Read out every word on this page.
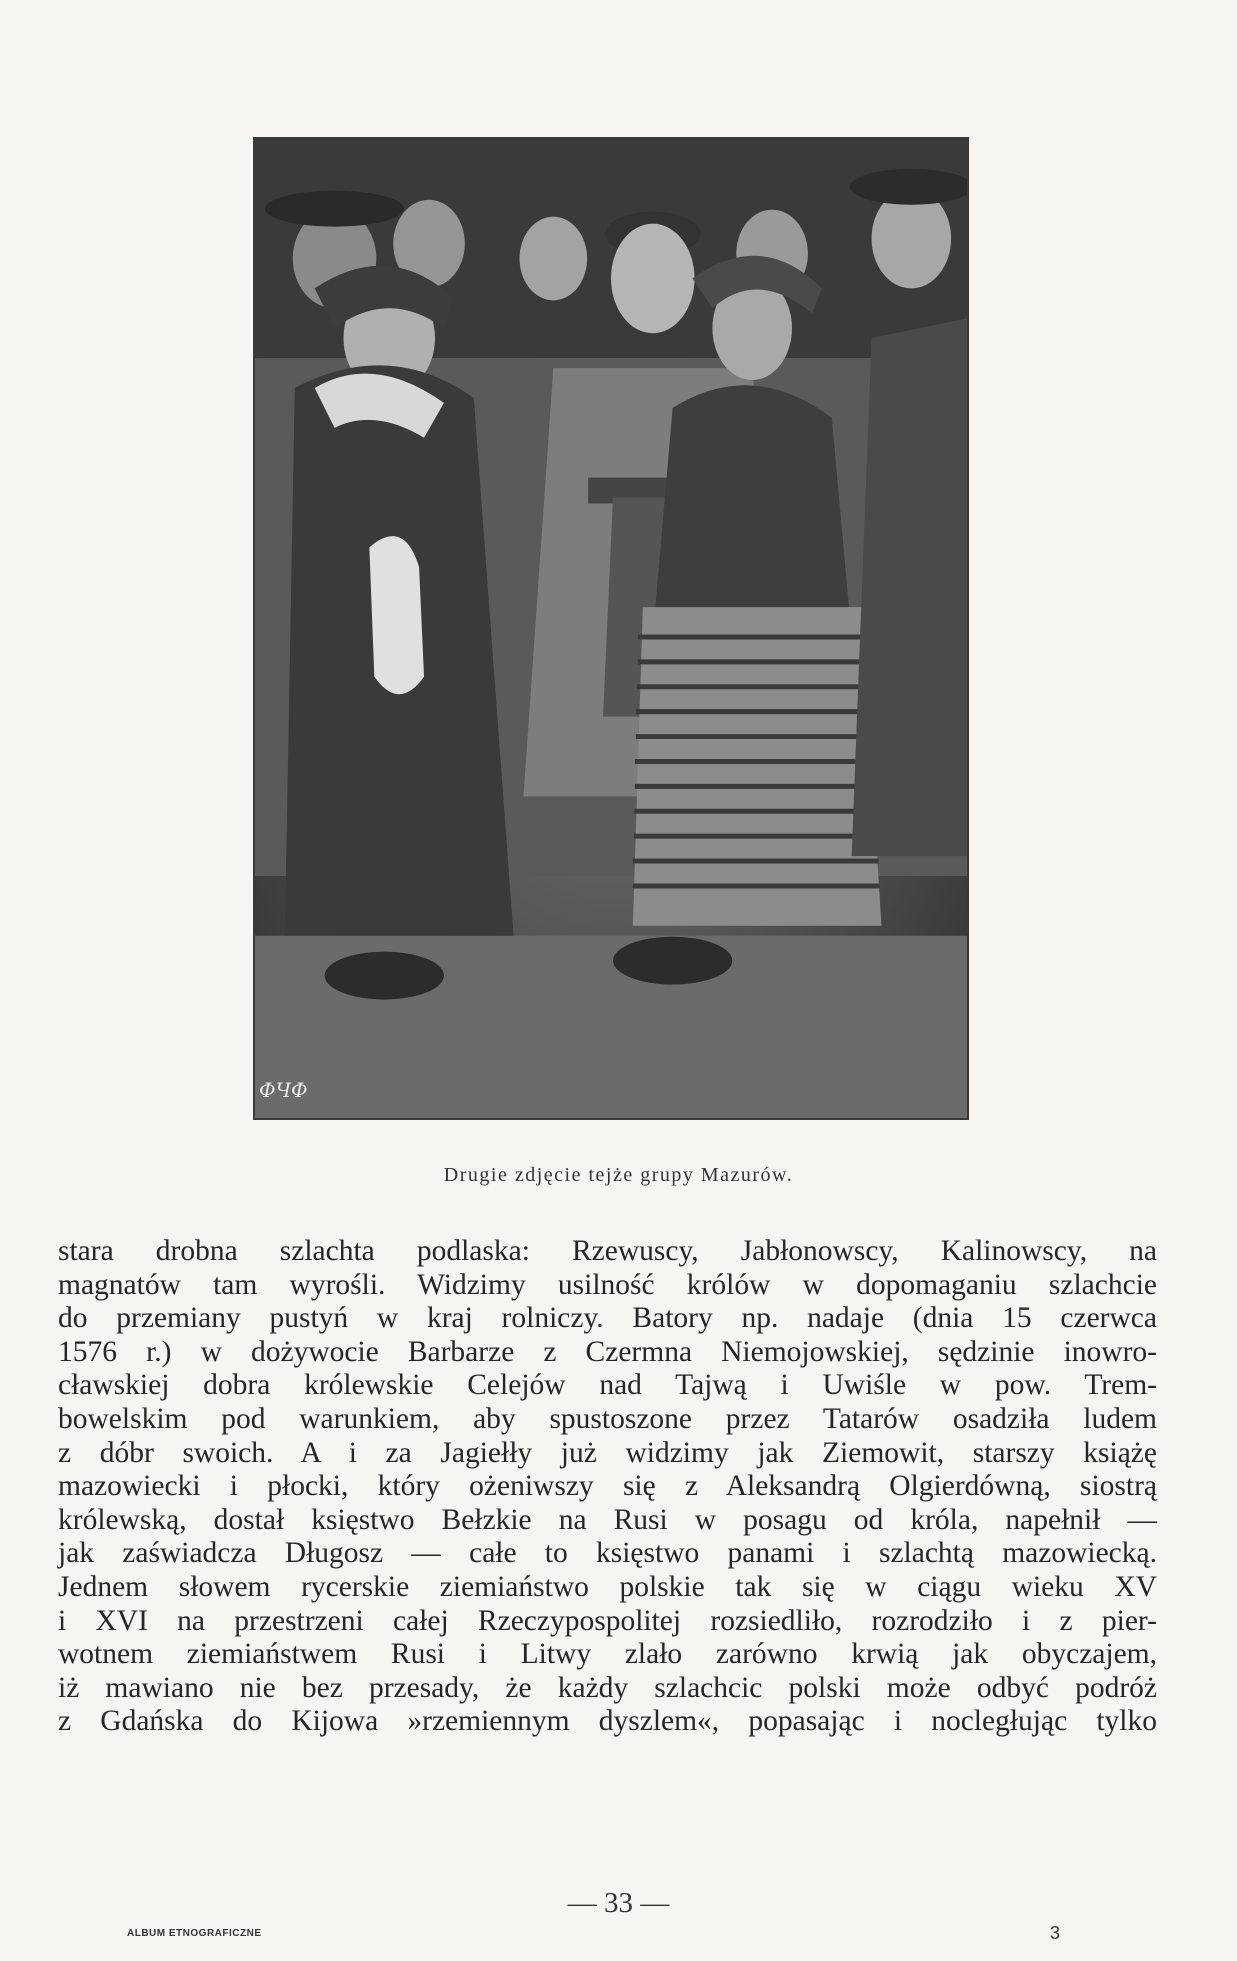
ФЧФ
Drugie zdjęcie tejże grupy Mazurów.
stara drobna szlachta podlaska: Rzewuscy, Jabłonowscy, Kalinowscy, na
magnatów tam wyrośli. Widzimy usilność królów w dopomaganiu szlachcie
do przemiany pustyń w kraj rolniczy. Batory np. nadaje (dnia 15 czerwca
1576 r.) w dożywocie Barbarze z Czermna Niemojowskiej, sędzinie inowro-
cławskiej dobra królewskie Celejów nad Tajwą i Uwiśle w pow. Trem-
bowelskim pod warunkiem, aby spustoszone przez Tatarów osadziła ludem
z dóbr swoich. A i za Jagiełły już widzimy jak Ziemowit, starszy książę
mazowiecki i płocki, który ożeniwszy się z Aleksandrą Olgierdówną, siostrą
królewską, dostał księstwo Bełzkie na Rusi w posagu od króla, napełnił —
jak zaświadcza Długosz — całe to księstwo panami i szlachtą mazowiecką.
Jednem słowem rycerskie ziemiaństwo polskie tak się w ciągu wieku XV
i XVI na przestrzeni całej Rzeczypospolitej rozsiedliło, rozrodziło i z pier-
wotnem ziemiaństwem Rusi i Litwy zlało zarówno krwią jak obyczajem,
iż mawiano nie bez przesady, że każdy szlachcic polski może odbyć podróż
z Gdańska do Kijowa »rzemiennym dyszlem«, popasając i nocległując tylko
— 33 —
ALBUM ETNOGRAFICZNE	3
